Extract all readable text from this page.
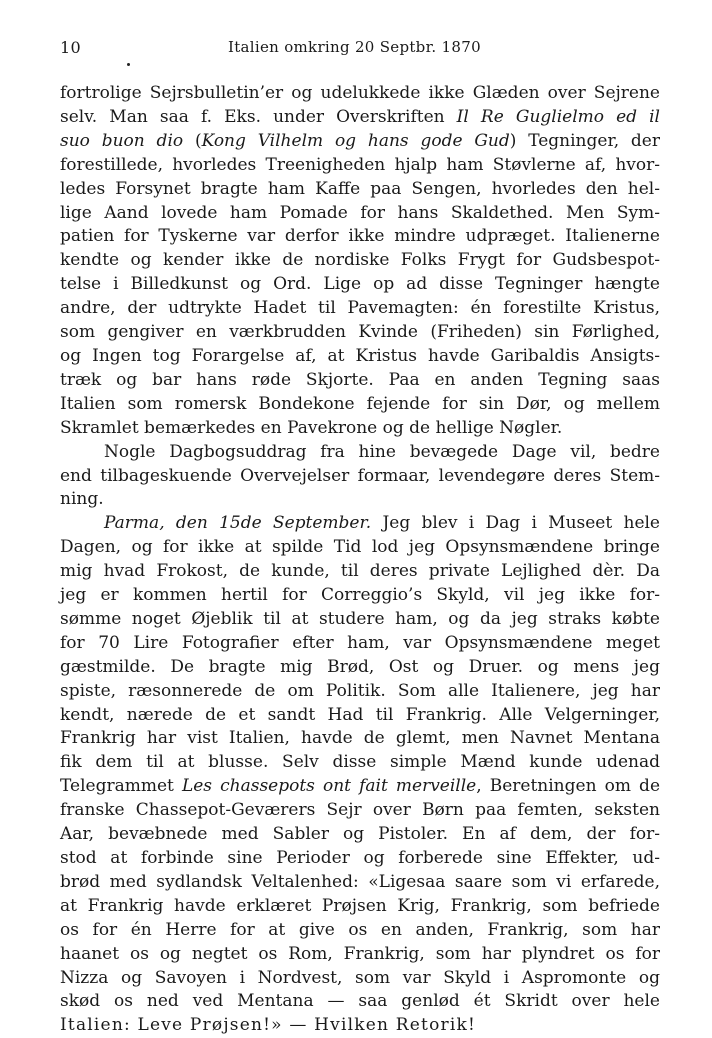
10	Italien omkring 20 Septbr. 1870
fortrolige Sejrsbulletin’er og udelukkede ikke Glæden over Sejrene
selv. Man saa f. Eks. under Overskriften Il Re Guglielmo ed il
suo buon dio (Kong Vilhelm og hans gode Gud) Tegninger, der
forestillede, hvorledes Treenigheden hjalp ham Støvlerne af, hvor-
ledes Forsynet bragte ham Kaffe paa Sengen, hvorledes den hel-
lige Aand lovede ham Pomade for hans Skaldethed. Men Sym-
patien for Tyskerne var derfor ikke mindre udpræget. Italienerne
kendte og kender ikke de nordiske Folks Frygt for Gudsbespot-
telse i Billedkunst og Ord. Lige op ad disse Tegninger hængte
andre, der udtrykte Hadet til Pavemagten: én forestilte Kristus,
som gengiver en værkbrudden Kvinde (Friheden) sin Førlighed,
og Ingen tog Forargelse af, at Kristus havde Garibaldis Ansigts-
træk og bar hans røde Skjorte. Paa en anden Tegning saas
Italien som romersk Bondekone fejende for sin Dør, og mellem
Skramlet bemærkedes en Pavekrone og de hellige Nøgler.
Nogle Dagbogsuddrag fra hine bevægede Dage vil, bedre
end tilbageskuende Overvejelser formaar, levendegøre deres Stem-
ning.
Parma, den 15de September. Jeg blev i Dag i Museet hele
Dagen, og for ikke at spilde Tid lod jeg Opsynsmændene bringe
mig hvad Frokost, de kunde, til deres private Lejlighed dèr. Da
jeg er kommen hertil for Correggio’s Skyld, vil jeg ikke for-
sømme noget Øjeblik til at studere ham, og da jeg straks købte
for 70 Lire Fotografier efter ham, var Opsynsmændene meget
gæstmilde. De bragte mig Brød, Ost og Druer. og mens jeg
spiste, ræsonnerede de om Politik. Som alle Italienere, jeg har
kendt, nærede de et sandt Had til Frankrig. Alle Velgerninger,
Frankrig har vist Italien, havde de glemt, men Navnet Mentana
fik dem til at blusse. Selv disse simple Mænd kunde udenad
Telegrammet Les chassepots ont fait merveille, Beretningen om de
franske Chassepot-Geværers Sejr over Børn paa femten, seksten
Aar, bevæbnede med Sabler og Pistoler. En af dem, der for-
stod at forbinde sine Perioder og forberede sine Effekter, ud-
brød med sydlandsk Veltalenhed: «Ligesaa saare som vi erfarede,
at Frankrig havde erklæret Prøjsen Krig, Frankrig, som befriede
os for én Herre for at give os en anden, Frankrig, som har
haanet os og negtet os Rom, Frankrig, som har plyndret os for
Nizza og Savoyen i Nordvest, som var Skyld i Aspromonte og
skød os ned ved Mentana — saa genlød ét Skridt over hele
Italien: Leve Prøjsen!» — Hvilken Retorik!
